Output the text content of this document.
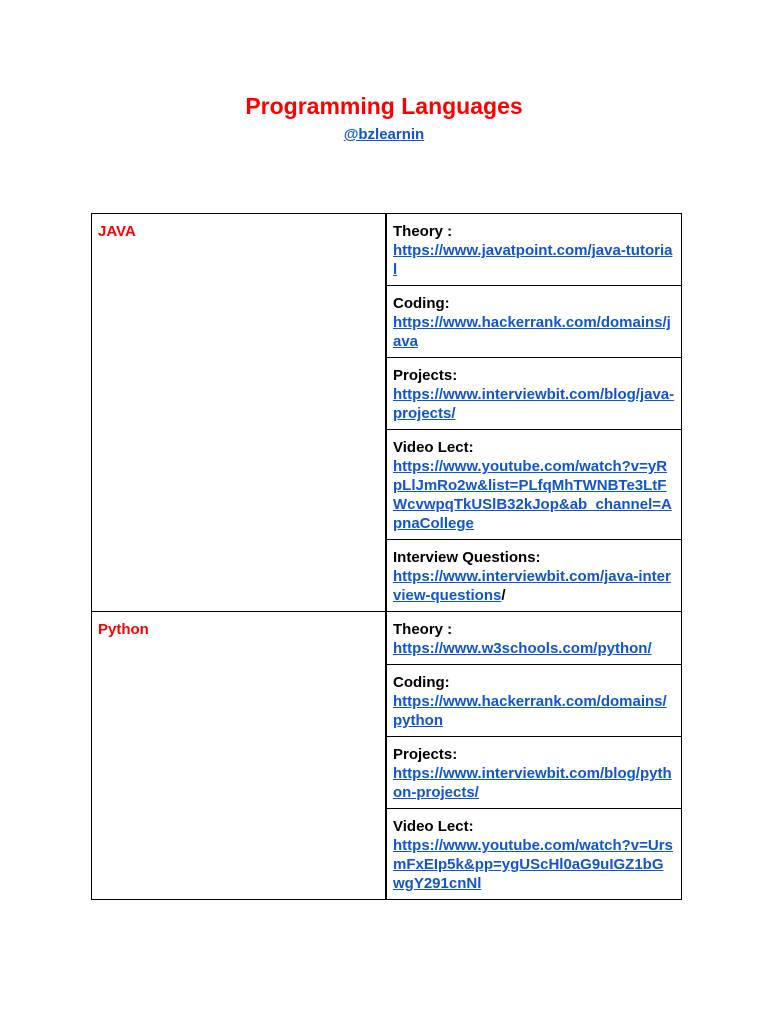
Programming Languages
@bzlearnin
JAVA	Theory :
https://www.javatpoint.com/java-tutorial

	Coding:
https://www.hackerrank.com/domains/java

	Projects:
https://www.interviewbit.com/blog/java-projects/

	Video Lect:
https://www.youtube.com/watch?v=yRpLlJmRo2w&list=PLfqMhTWNBTe3LtFWcvwpqTkUSlB32kJop&ab_channel=ApnaCollege

	Interview Questions:
https://www.interviewbit.com/java-interview-questions/
Python	Theory :
https://www.w3schools.com/python/

	Coding:
https://www.hackerrank.com/domains/python

	Projects:
https://www.interviewbit.com/blog/python-projects/

	Video Lect:
https://www.youtube.com/watch?v=UrsmFxEIp5k&pp=ygUScHl0aG9uIGZ1bGwgY291cnNl
